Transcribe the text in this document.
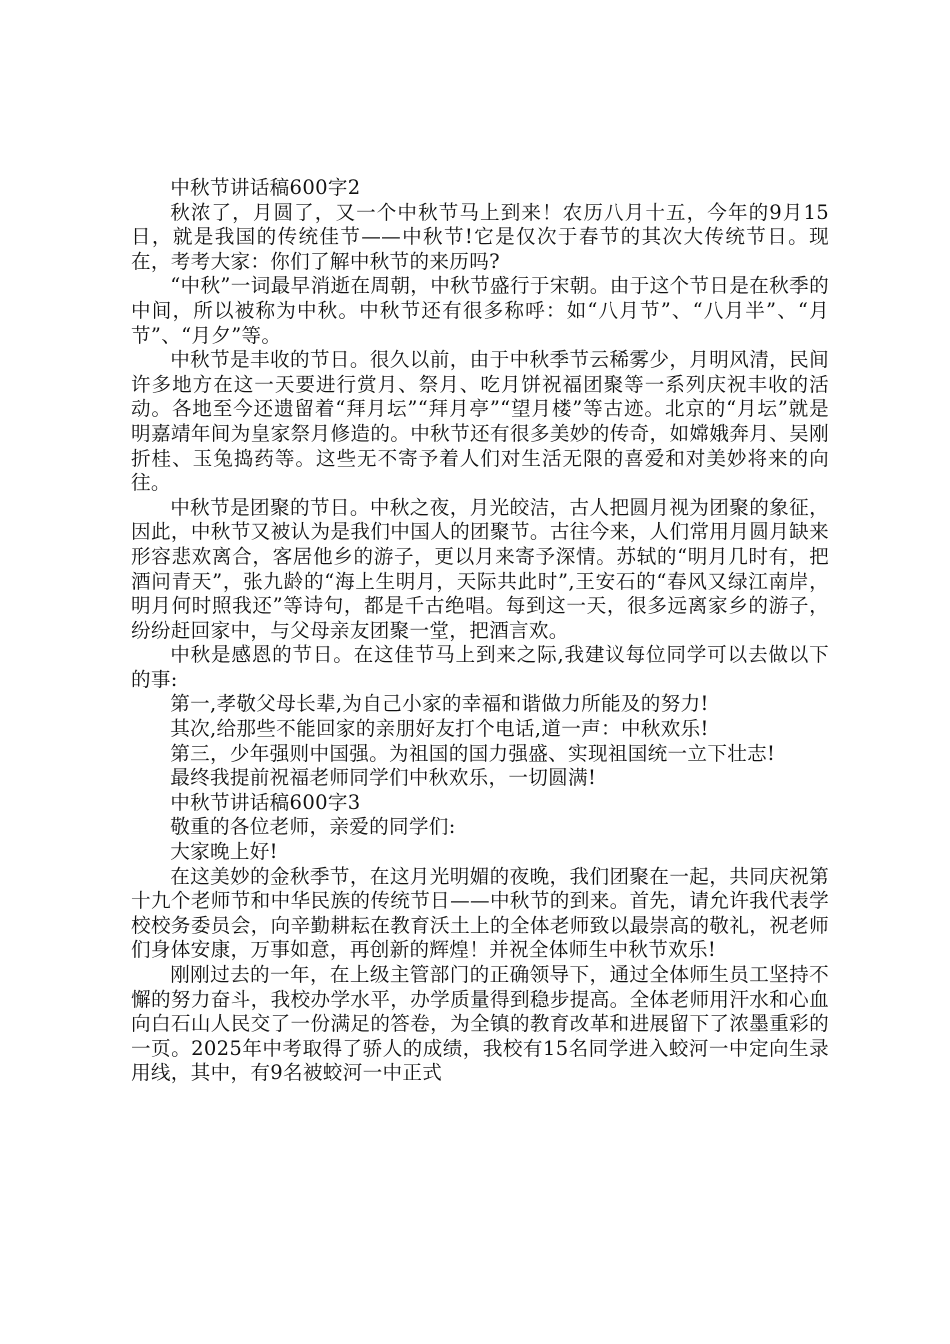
中秋节讲话稿600字2

秋浓了，月圆了，又一个中秋节马上到来！农历八月十五，今年的9月15日，就是我国的传统佳节——中秋节!它是仅次于春节的其次大传统节日。现在，考考大家：你们了解中秋节的来历吗?

“中秋”一词最早消逝在周朝，中秋节盛行于宋朝。由于这个节日是在秋季的中间，所以被称为中秋。中秋节还有很多称呼：如“八月节”、“八月半”、“月节”、“月夕”等。

中秋节是丰收的节日。很久以前，由于中秋季节云稀雾少，月明风清，民间许多地方在这一天要进行赏月、祭月、吃月饼祝福团聚等一系列庆祝丰收的活动。各地至今还遗留着“拜月坛”“拜月亭”“望月楼”等古迹。北京的“月坛”就是明嘉靖年间为皇家祭月修造的。中秋节还有很多美妙的传奇，如嫦娥奔月、吴刚折桂、玉兔捣药等。这些无不寄予着人们对生活无限的喜爱和对美妙将来的向往。

中秋节是团聚的节日。中秋之夜，月光皎洁，古人把圆月视为团聚的象征，因此，中秋节又被认为是我们中国人的团聚节。古往今来，人们常用月圆月缺来形容悲欢离合，客居他乡的游子，更以月来寄予深情。苏轼的“明月几时有，把酒问青天”，张九龄的“海上生明月，天际共此时”,王安石的“春风又绿江南岸，明月何时照我还”等诗句，都是千古绝唱。每到这一天，很多远离家乡的游子，纷纷赶回家中，与父母亲友团聚一堂，把酒言欢。

中秋是感恩的节日。在这佳节马上到来之际,我建议每位同学可以去做以下的事:

第一,孝敬父母长辈,为自己小家的幸福和谐做力所能及的努力!

其次,给那些不能回家的亲朋好友打个电话,道一声：中秋欢乐!

第三，少年强则中国强。为祖国的国力强盛、实现祖国统一立下壮志!

最终我提前祝福老师同学们中秋欢乐，一切圆满!

中秋节讲话稿600字3

敬重的各位老师，亲爱的同学们:

大家晚上好!

在这美妙的金秋季节，在这月光明媚的夜晚，我们团聚在一起，共同庆祝第十九个老师节和中华民族的传统节日——中秋节的到来。首先，请允许我代表学校校务委员会，向辛勤耕耘在教育沃土上的全体老师致以最崇高的敬礼，祝老师们身体安康，万事如意，再创新的辉煌！并祝全体师生中秋节欢乐!

刚刚过去的一年，在上级主管部门的正确领导下，通过全体师生员工坚持不懈的努力奋斗，我校办学水平，办学质量得到稳步提高。全体老师用汗水和心血向白石山人民交了一份满足的答卷，为全镇的教育改革和进展留下了浓墨重彩的一页。2025年中考取得了骄人的成绩，我校有15名同学进入蛟河一中定向生录用线，其中，有9名被蛟河一中正式
